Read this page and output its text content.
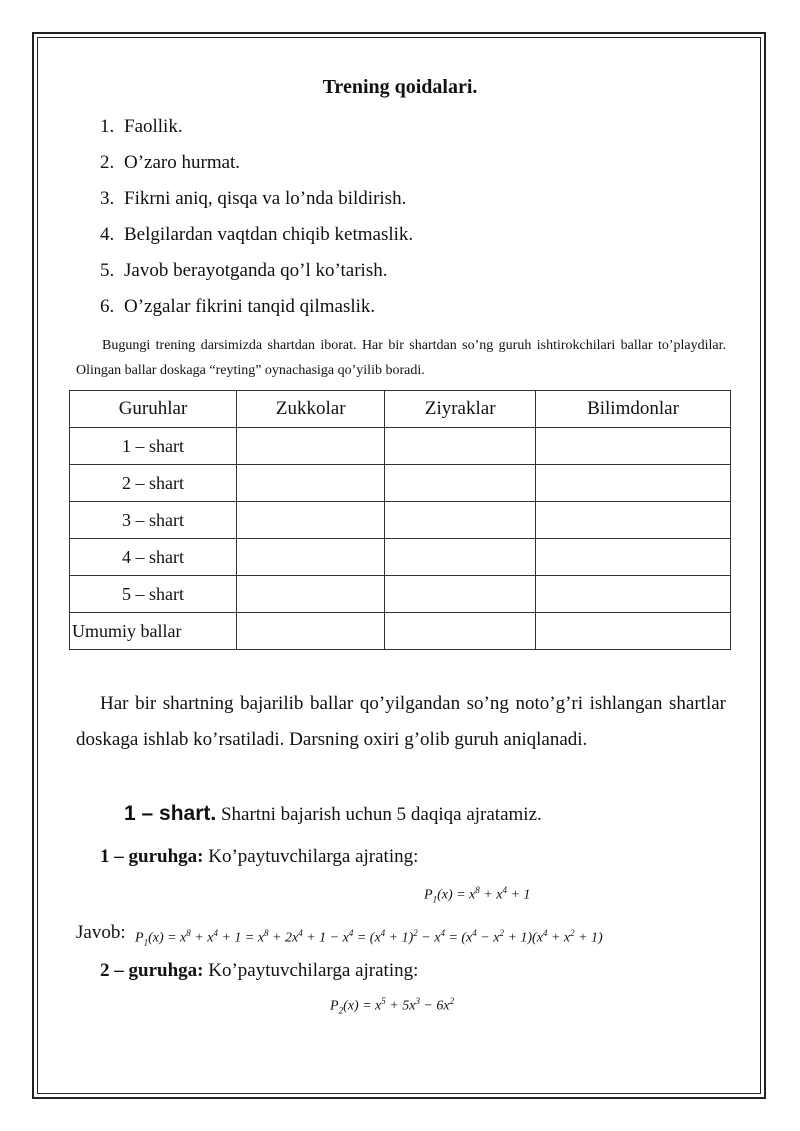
Trening qoidalari.
1. Faollik.
2. O’zaro hurmat.
3. Fikrni aniq, qisqa va lo’nda bildirish.
4. Belgilardan vaqtdan chiqib ketmaslik.
5. Javob berayotganda qo’l ko’tarish.
6. O’zgalar fikrini tanqid qilmaslik.

Bugungi trening darsimizda shartdan iborat. Har bir shartdan so’ng guruh ishtirokchilari ballar to’playdilar. Olingan ballar doskaga “reyting” oynachasiga qo’yilib boradi.

Guruhlar	Zukkolar	Ziyraklar	Bilimdonlar
1 – shart			
2 – shart			
3 – shart			
4 – shart			
5 – shart			
Umumiy ballar			

Har bir shartning bajarilib ballar qo’yilgandan so’ng noto’g’ri ishlangan shartlar doskaga ishlab ko’rsatiladi. Darsning oxiri g’olib guruh aniqlanadi.

1 – shart. Shartni bajarish uchun 5 daqiqa ajratamiz.
1 – guruhga: Ko’paytuvchilarga ajrating:
$P_1(x) = x^8 + x^4 + 1$
Javob: $P_1(x) = x^8 + x^4 + 1 = x^8 + 2x^4 + 1 - x^4 = (x^4 + 1)^2 - x^4 = (x^4 - x^2 + 1)(x^4 + x^2 + 1)$
2 – guruhga: Ko’paytuvchilarga ajrating:
$P_2(x) = x^5 + 5x^3 - 6x^2$
